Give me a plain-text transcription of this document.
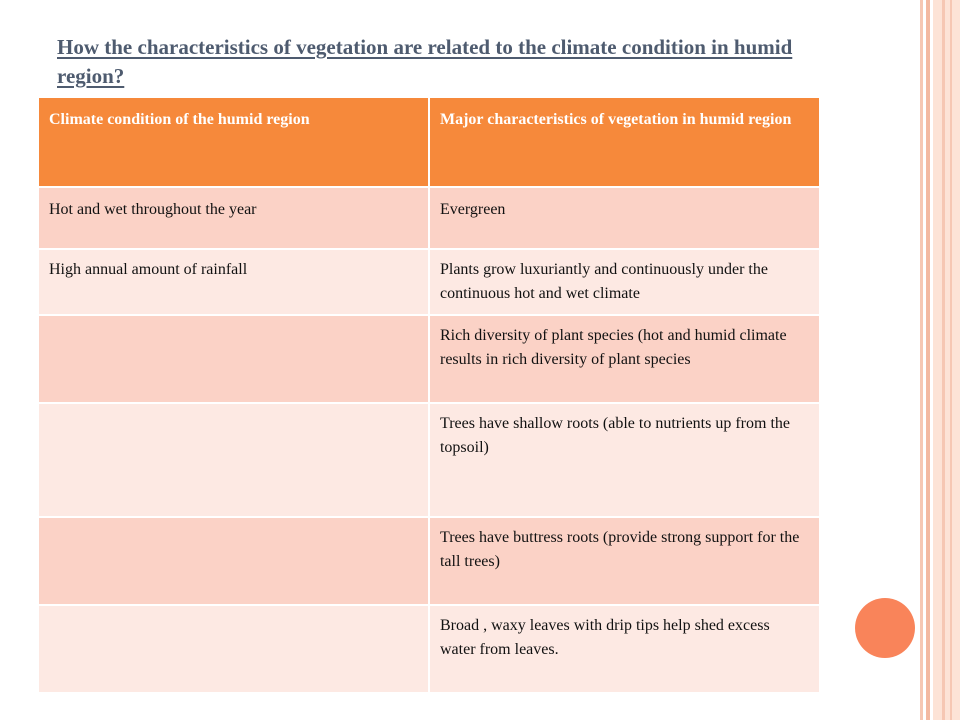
How the characteristics of vegetation are related to the climate condition in humid region?
Climate condition of the humid region	Major characteristics of vegetation in humid region
Hot and wet throughout the year	Evergreen
High annual amount of rainfall	Plants grow luxuriantly and continuously under the continuous hot and wet climate
	Rich diversity of plant species (hot and humid climate results in rich diversity of plant species
	Trees have shallow roots (able to nutrients up from the topsoil)
	Trees have buttress roots (provide strong support for the tall trees)
	Broad , waxy leaves with drip tips help shed excess water from leaves.
